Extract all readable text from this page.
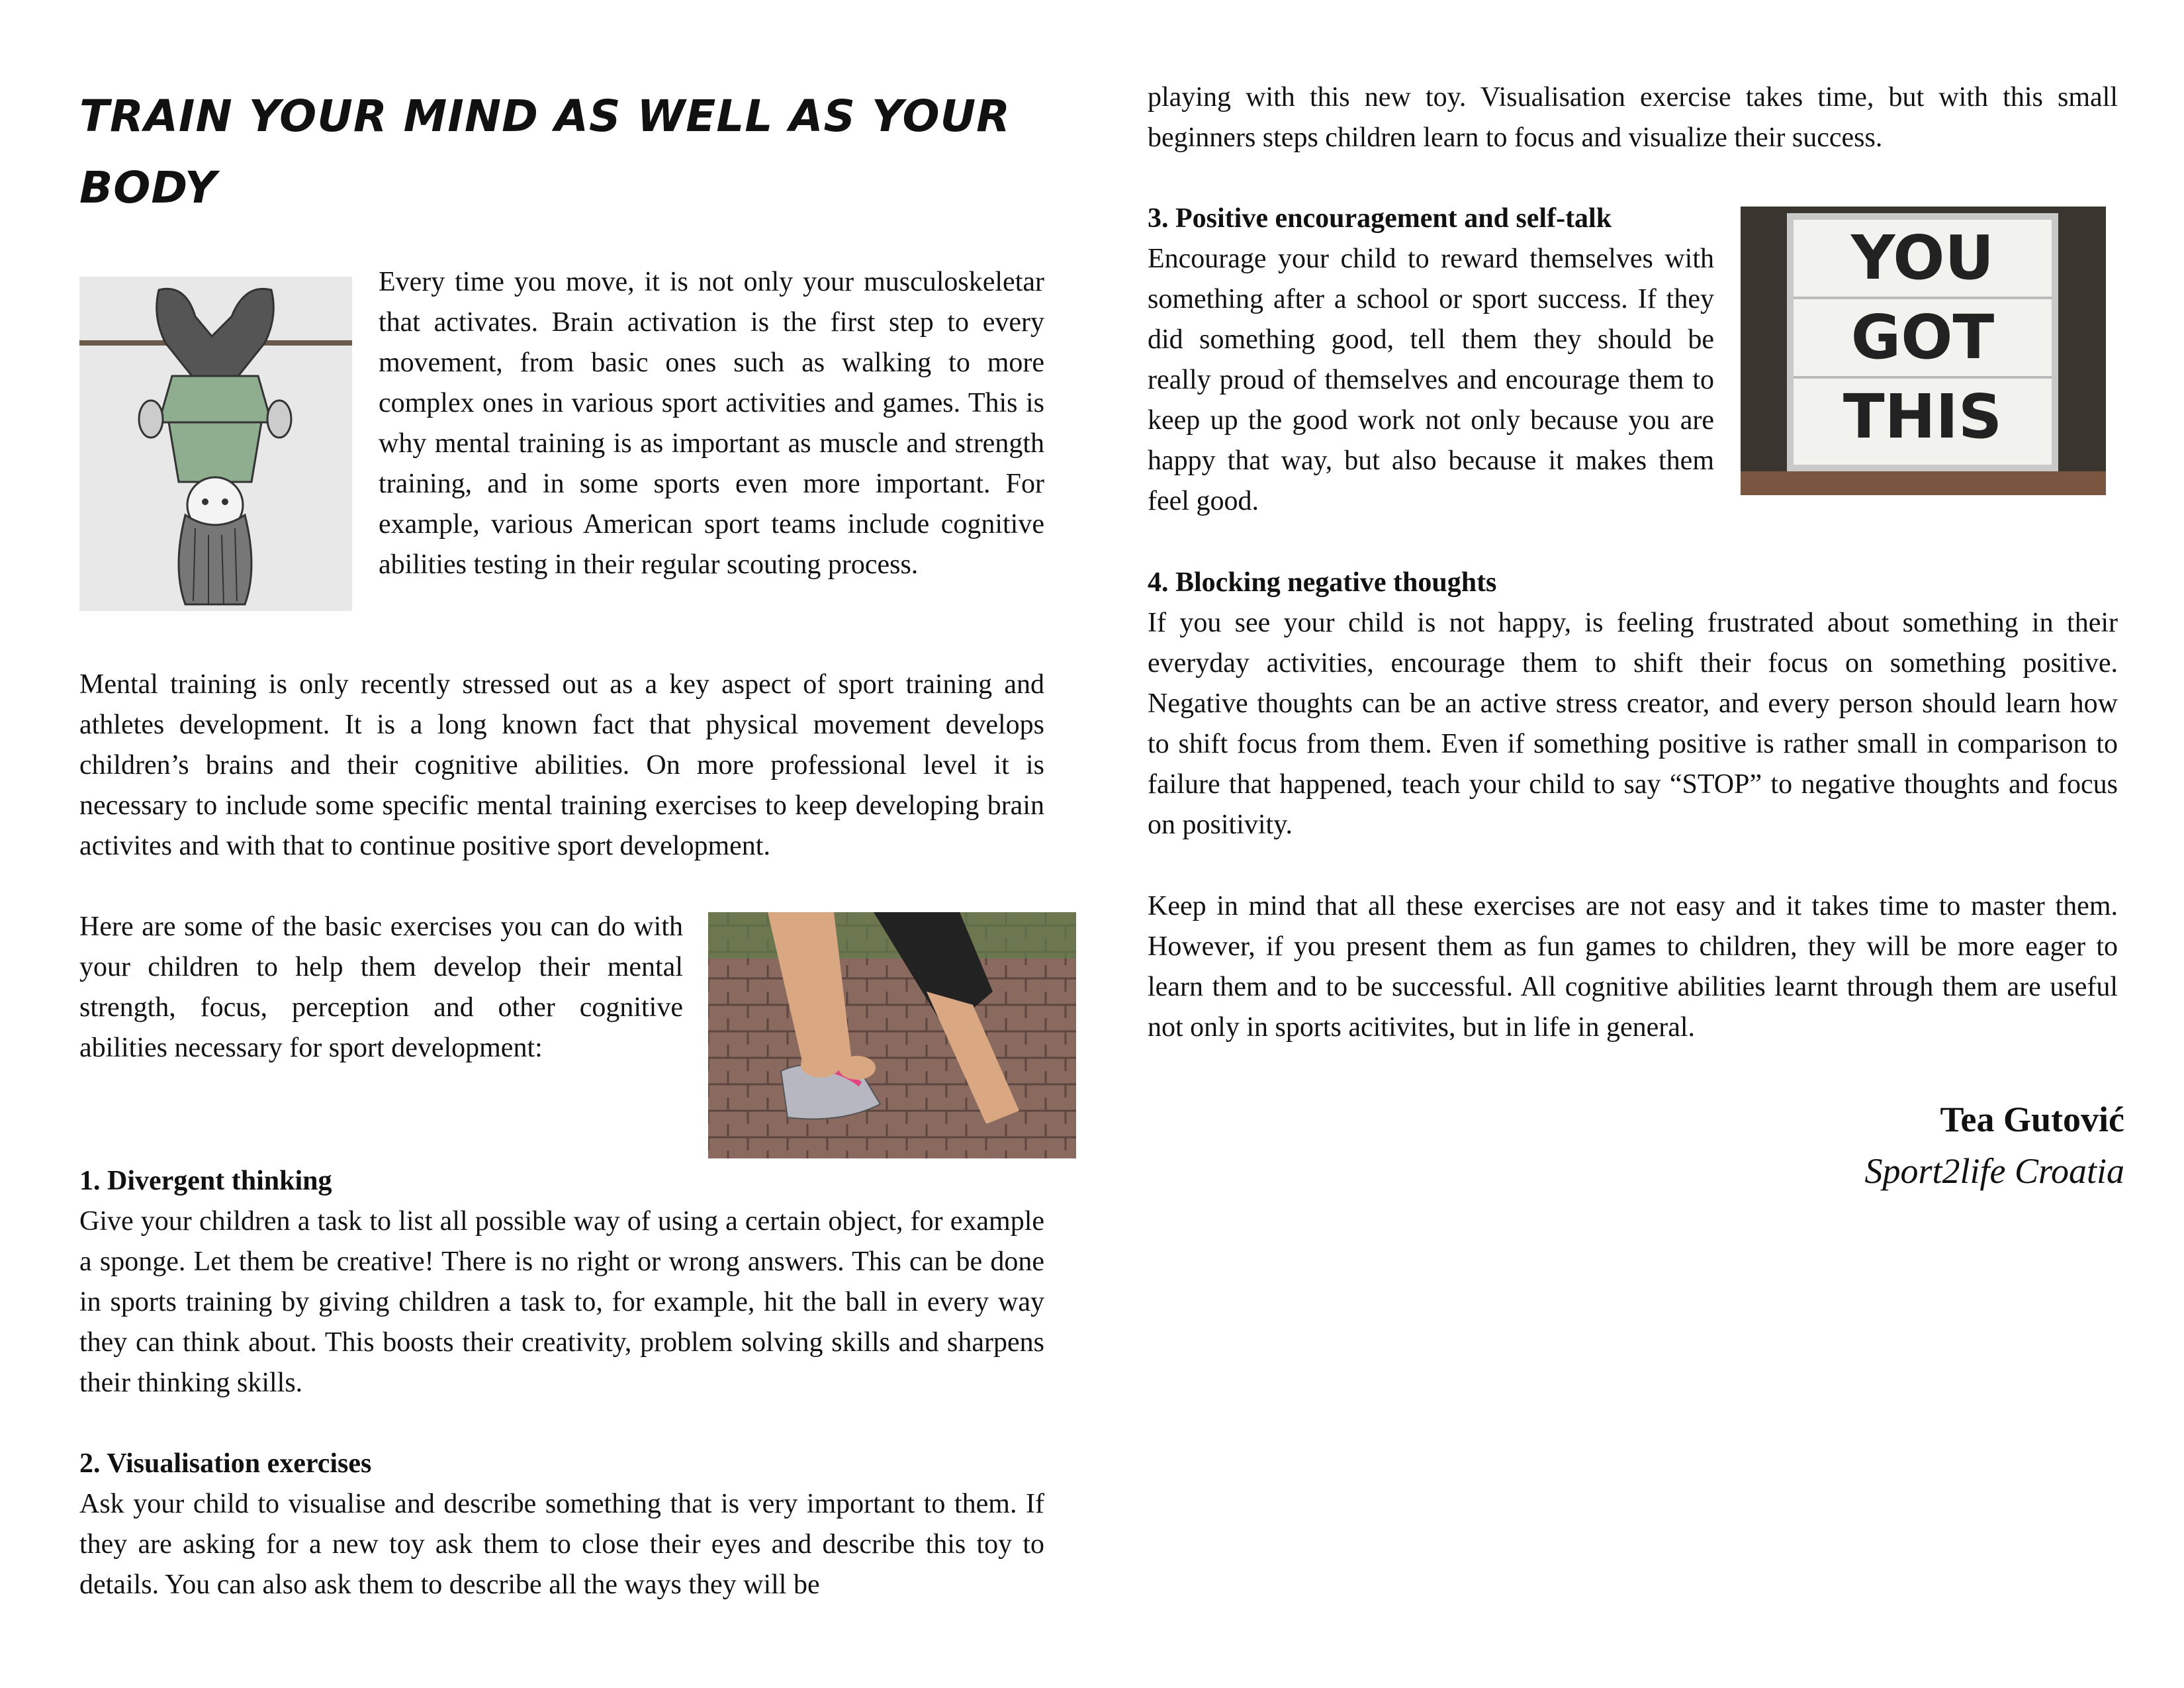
TRAIN YOUR MIND AS WELL AS YOUR BODY

Every time you move, it is not only your musculoskeletar that activates. Brain activation is the first step to every movement, from basic ones such as walking to more complex ones in various sport activities and games. This is why mental training is as important as muscle and strength training, and in some sports even more important. For example, various American sport teams include cognitive abilities testing in their regular scouting process.

Mental training is only recently stressed out as a key aspect of sport training and athletes development. It is a long known fact that physical movement develops children’s brains and their cognitive abilities. On more professional level it is necessary to include some specific mental training exercises to keep developing brain activites and with that to continue positive sport development.

Here are some of the basic exercises you can do with your children to help them develop their mental strength, focus, perception and other cognitive abilities necessary for sport development:

1. Divergent thinking

Give your children a task to list all possible way of using a certain object, for example a sponge. Let them be creative! There is no right or wrong answers. This can be done in sports training by giving children a task to, for example, hit the ball in every way they can think about. This boosts their creativity, problem solving skills and sharpens their thinking skills.

2. Visualisation exercises

Ask your child to visualise and describe something that is very important to them. If they are asking for a new toy ask them to close their eyes and describe this toy to details. You can also ask them to describe all the ways they will be

playing with this new toy. Visualisation exercise takes time, but with this small beginners steps children learn to focus and visualize their success.

3. Positive encouragement and self-talk

Encourage your child to reward themselves with something after a school or sport success. If they did something good, tell them they should be really proud of themselves and encourage them to keep up the good work not only because you are happy that way, but also because it makes them feel good.

YOU
GOT
THIS
4. Blocking negative thoughts

If you see your child is not happy, is feeling frustrated about something in their everyday activities, encourage them to shift their focus on something positive. Negative thoughts can be an active stress creator, and every person should learn how to shift focus from them. Even if something positive is rather small in comparison to failure that happened, teach your child to say “STOP” to negative thoughts and focus on positivity.

Keep in mind that all these exercises are not easy and it takes time to master them. However, if you present them as fun games to children, they will be more eager to learn them and to be successful. All cognitive abilities learnt through them are useful not only in sports acitivites, but in life in general.

Tea Gutović
Sport2life Croatia
